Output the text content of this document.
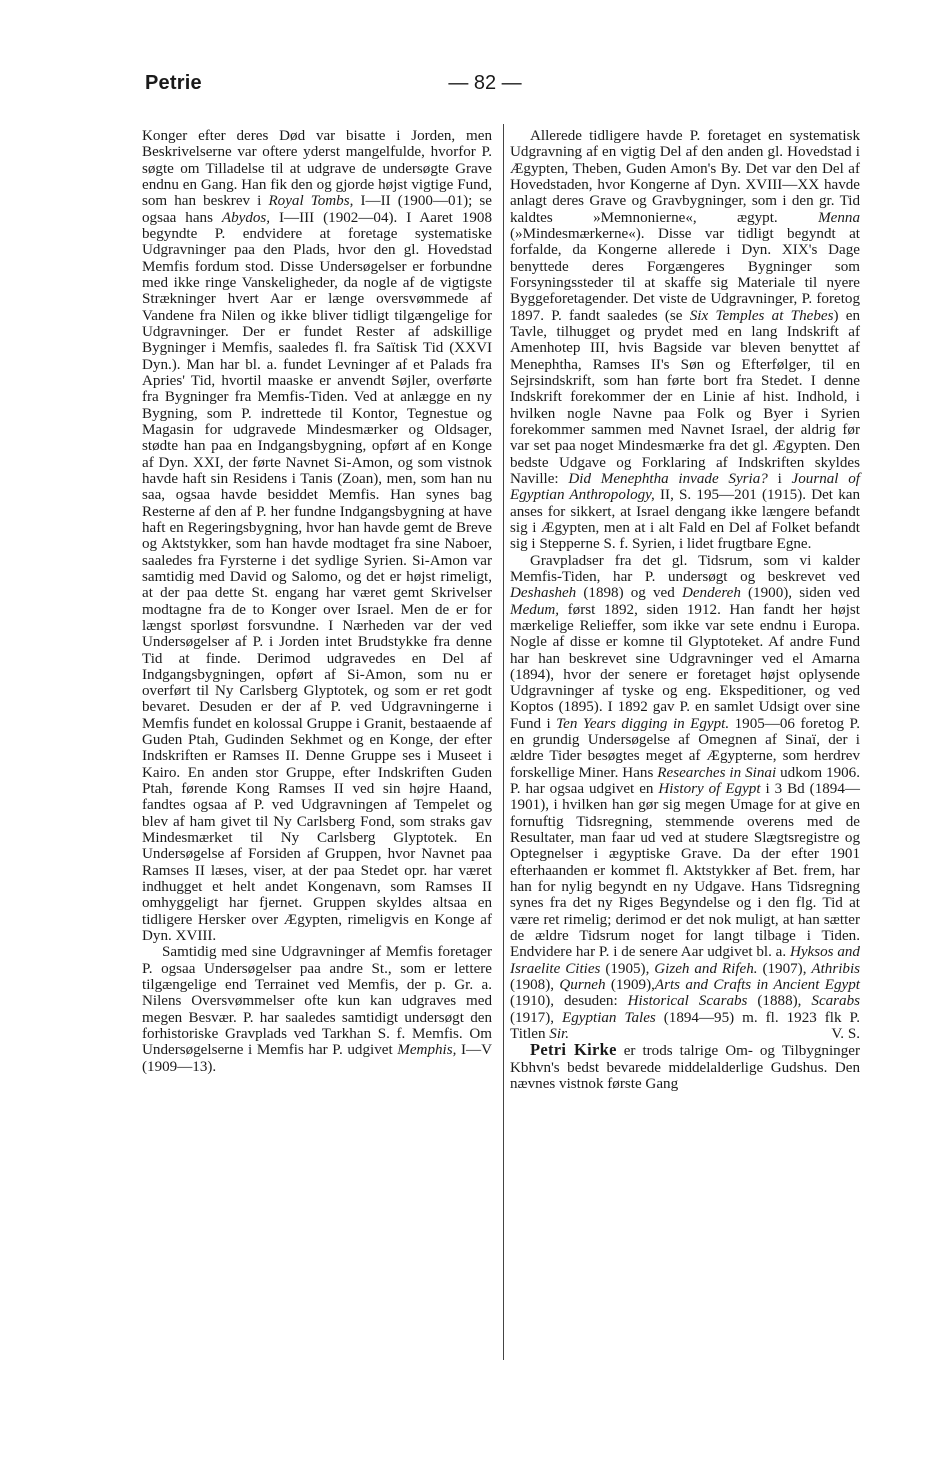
Petrie	— 82 —

Konger efter deres Død var bisatte i Jorden, men Beskrivelserne var oftere yderst mangelfulde, hvorfor P. søgte om Tilladelse til at udgrave de undersøgte Grave endnu en Gang. Han fik den og gjorde højst vigtige Fund, som han beskrev i Royal Tombs, I—II (1900—01); se ogsaa hans Abydos, I—III (1902—04). I Aaret 1908 begyndte P. endvidere at foretage systematiske Udgravninger paa den Plads, hvor den gl. Hovedstad Memfis fordum stod. Disse Undersøgelser er forbundne med ikke ringe Vanskeligheder, da nogle af de vigtigste Strækninger hvert Aar er længe oversvømmede af Vandene fra Nilen og ikke bliver tidligt tilgængelige for Udgravninger. Der er fundet Rester af adskillige Bygninger i Memfis, saaledes fl. fra Saïtisk Tid (XXVI Dyn.). Man har bl. a. fundet Levninger af et Palads fra Apries' Tid, hvortil maaske er anvendt Søjler, overførte fra Bygninger fra Memfis-Tiden. Ved at anlægge en ny Bygning, som P. indrettede til Kontor, Tegnestue og Magasin for udgravede Mindesmærker og Oldsager, stødte han paa en Indgangsbygning, opført af en Konge af Dyn. XXI, der førte Navnet Si-Amon, og som vistnok havde haft sin Residens i Tanis (Zoan), men, som han nu saa, ogsaa havde besiddet Memfis. Han synes bag Resterne af den af P. her fundne Indgangsbygning at have haft en Regeringsbygning, hvor han havde gemt de Breve og Aktstykker, som han havde modtaget fra sine Naboer, saaledes fra Fyrsterne i det sydlige Syrien. Si-Amon var samtidig med David og Salomo, og det er højst rimeligt, at der paa dette St. engang har været gemt Skrivelser modtagne fra de to Konger over Israel. Men de er for længst sporløst forsvundne. I Nærheden var der ved Undersøgelser af P. i Jorden intet Brudstykke fra denne Tid at finde. Derimod udgravedes en Del af Indgangsbygningen, opført af Si-Amon, som nu er overført til Ny Carlsberg Glyptotek, og som er ret godt bevaret. Desuden er der af P. ved Udgravningerne i Memfis fundet en kolossal Gruppe i Granit, bestaaende af Guden Ptah, Gudinden Sekhmet og en Konge, der efter Indskriften er Ramses II. Denne Gruppe ses i Museet i Kairo. En anden stor Gruppe, efter Indskriften Guden Ptah, førende Kong Ramses II ved sin højre Haand, fandtes ogsaa af P. ved Udgravningen af Tempelet og blev af ham givet til Ny Carlsberg Fond, som straks gav Mindesmærket til Ny Carlsberg Glyptotek. En Undersøgelse af Forsiden af Gruppen, hvor Navnet paa Ramses II læses, viser, at der paa Stedet opr. har været indhugget et helt andet Kongenavn, som Ramses II omhyggeligt har fjernet. Gruppen skyldes altsaa en tidligere Hersker over Ægypten, rimeligvis en Konge af Dyn. XVIII.

Samtidig med sine Udgravninger af Memfis foretager P. ogsaa Undersøgelser paa andre St., som er lettere tilgængelige end Terrainet ved Memfis, der p. Gr. a. Nilens Oversvømmelser ofte kun kan udgraves med megen Besvær. P. har saaledes samtidigt undersøgt den forhistoriske Gravplads ved Tarkhan S. f. Memfis. Om Undersøgelserne i Memfis har P. udgivet Memphis, I—V (1909—13).

Allerede tidligere havde P. foretaget en systematisk Udgravning af en vigtig Del af den anden gl. Hovedstad i Ægypten, Theben, Guden Amon's By. Det var den Del af Hovedstaden, hvor Kongerne af Dyn. XVIII—XX havde anlagt deres Grave og Gravbygninger, som i den gr. Tid kaldtes »Memnonierne«, ægypt. Menna (»Mindesmærkerne«). Disse var tidligt begyndt at forfalde, da Kongerne allerede i Dyn. XIX's Dage benyttede deres Forgængeres Bygninger som Forsyningssteder til at skaffe sig Materiale til nyere Byggeforetagender. Det viste de Udgravninger, P. foretog 1897. P. fandt saaledes (se Six Temples at Thebes) en Tavle, tilhugget og prydet med en lang Indskrift af Amenhotep III, hvis Bagside var bleven benyttet af Menephtha, Ramses II's Søn og Efterfølger, til en Sejrsindskrift, som han førte bort fra Stedet. I denne Indskrift forekommer der en Linie af hist. Indhold, i hvilken nogle Navne paa Folk og Byer i Syrien forekommer sammen med Navnet Israel, der aldrig før var set paa noget Mindesmærke fra det gl. Ægypten. Den bedste Udgave og Forklaring af Indskriften skyldes Naville: Did Menephtha invade Syria? i Journal of Egyptian Anthropology, II, S. 195—201 (1915). Det kan anses for sikkert, at Israel dengang ikke længere befandt sig i Ægypten, men at i alt Fald en Del af Folket befandt sig i Stepperne S. f. Syrien, i lidet frugtbare Egne.

Gravpladser fra det gl. Tidsrum, som vi kalder Memfis-Tiden, har P. undersøgt og beskrevet ved Deshasheh (1898) og ved Dendereh (1900), siden ved Medum, først 1892, siden 1912. Han fandt her højst mærkelige Relieffer, som ikke var sete endnu i Europa. Nogle af disse er komne til Glyptoteket. Af andre Fund har han beskrevet sine Udgravninger ved el Amarna (1894), hvor der senere er foretaget højst oplysende Udgravninger af tyske og eng. Ekspeditioner, og ved Koptos (1895). I 1892 gav P. en samlet Udsigt over sine Fund i Ten Years digging in Egypt. 1905—06 foretog P. en grundig Undersøgelse af Omegnen af Sinaï, der i ældre Tider besøgtes meget af Ægypterne, som herdrev forskellige Miner. Hans Researches in Sinai udkom 1906. P. har ogsaa udgivet en History of Egypt i 3 Bd (1894—1901), i hvilken han gør sig megen Umage for at give en fornuftig Tidsregning, stemmende overens med de Resultater, man faar ud ved at studere Slægtsregistre og Optegnelser i ægyptiske Grave. Da der efter 1901 efterhaanden er kommet fl. Aktstykker af Bet. frem, har han for nylig begyndt en ny Udgave. Hans Tidsregning synes fra det ny Riges Begyndelse og i den flg. Tid at være ret rimelig; derimod er det nok muligt, at han sætter de ældre Tidsrum noget for langt tilbage i Tiden. Endvidere har P. i de senere Aar udgivet bl. a. Hyksos and Israelite Cities (1905), Gizeh and Rifeh. (1907), Athribis (1908), Qurneh (1909),Arts and Crafts in Ancient Egypt (1910), desuden: Historical Scarabs (1888), Scarabs (1917), Egyptian Tales (1894—95) m. fl. 1923 flk P. Titlen Sir.	V. S.

Petri Kirke er trods talrige Om- og Tilbygninger Kbhvn's bedst bevarede middelalderlige Gudshus. Den nævnes vistnok første Gang
